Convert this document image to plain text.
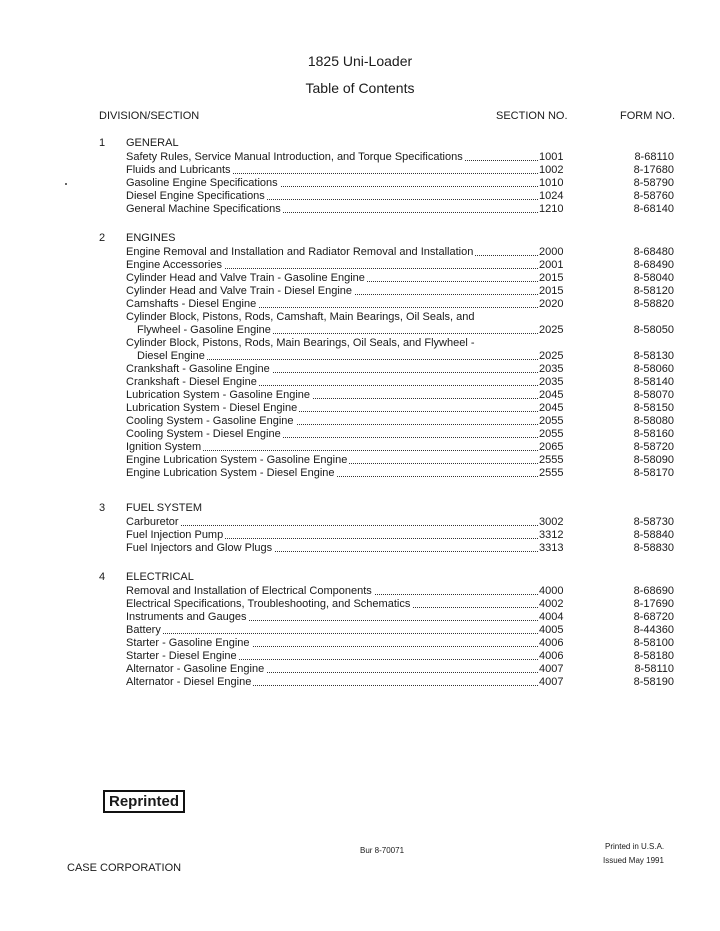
1825 Uni-Loader
Table of Contents
DIVISION/SECTION	SECTION NO.	FORM NO.
1 GENERAL
Safety Rules, Service Manual Introduction, and Torque Specifications	1001	8-68110
Fluids and Lubricants	1002	8-17680
Gasoline Engine Specifications	1010	8-58790
Diesel Engine Specifications	1024	8-58760
General Machine Specifications	1210	8-68140
2 ENGINES
Engine Removal and Installation and Radiator Removal and Installation	2000	8-68480
Engine Accessories	2001	8-68490
Cylinder Head and Valve Train - Gasoline Engine	2015	8-58040
Cylinder Head and Valve Train - Diesel Engine	2015	8-58120
Camshafts - Diesel Engine	2020	8-58820
Cylinder Block, Pistons, Rods, Camshaft, Main Bearings, Oil Seals, and
Flywheel - Gasoline Engine	2025	8-58050
Cylinder Block, Pistons, Rods, Main Bearings, Oil Seals, and Flywheel -
Diesel Engine	2025	8-58130
Crankshaft - Gasoline Engine	2035	8-58060
Crankshaft - Diesel Engine	2035	8-58140
Lubrication System - Gasoline Engine	2045	8-58070
Lubrication System - Diesel Engine	2045	8-58150
Cooling System - Gasoline Engine	2055	8-58080
Cooling System - Diesel Engine	2055	8-58160
Ignition System	2065	8-58720
Engine Lubrication System - Gasoline Engine	2555	8-58090
Engine Lubrication System - Diesel Engine	2555	8-58170
3 FUEL SYSTEM
Carburetor	3002	8-58730
Fuel Injection Pump	3312	8-58840
Fuel Injectors and Glow Plugs	3313	8-58830
4 ELECTRICAL
Removal and Installation of Electrical Components	4000	8-68690
Electrical Specifications, Troubleshooting, and Schematics	4002	8-17690
Instruments and Gauges	4004	8-68720
Battery	4005	8-44360
Starter - Gasoline Engine	4006	8-58100
Starter - Diesel Engine	4006	8-58180
Alternator - Gasoline Engine	4007	8-58110
Alternator - Diesel Engine	4007	8-58190
Reprinted
Bur 8-70071	Printed in U.S.A.
Issued May 1991
CASE CORPORATION
